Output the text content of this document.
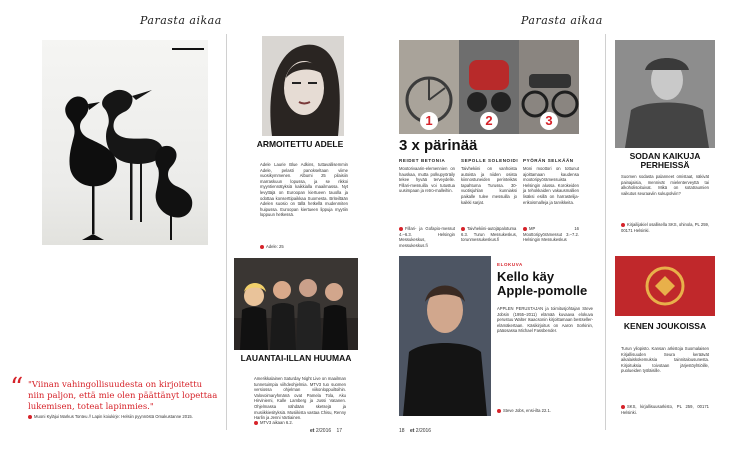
Parasta aikaa
“ "Viinan vahingollisuudesta on kirjoitettu niin paljon, että mie olen päättänyt lopettaa lukemisen, toteat lapinmies."
Muoni Kyläjui Markus Tonteu // Lapin koiukirje: Helsiin pyynnöstä Omakustanne 2015.
ARMOITETTU ADELE
Adele Laurie Blue Adkins, tuttavallisemmin Adele, pelasti panokseltaan viime vuosikymmenen. Albumi 25 pilaisiin marraskuun lopussa, ja se rikkoi myyntiennätyksiä kaikkialla maailmassa. Nyt levyttäjä on Euroopan kiertueen tauolla ja odottaa konserttipaikkaa Suomesta. Briteiltään Adelen suosio on tällä hetkellä mudenmiten huipussa. Euroopan kiertueen lippuja myytiin loppuun hetkessä.
Adele: 25
LAUANTAI-ILLAN HUUMAA
Amerikkalainen Saturday Night Live on maailman tunnetuimpia viihdeohjelmia. MTV3 tuo suomen versiossa ohjelman viikonloppuiltoihin. Valovoimaryhmänä ovat Pamela Tola, Aku Hirviniemi, Kalle Lamberg ja Jussi Vatanen. Ohjelmassa nähdään sketsejä ja musiikkiesityksiä. Musiikista vastaa Chisu, Renny Harlin ja Jenni Vartiainen.
MTV3 aikaan 6.2.
et 2/2016 17
Parasta aikaa
1	2	3
3 x pärinää
REIDET BETONIA
Mootorivaarin-elemennien on hauskaa, mutta polkupyöräily tekee hyvää terveydelle. Fillari-messuilla voi tutustua uusimpaan ja retro-malleihin.
Fillari- ja Gofapio-messut 4.–6.3. Helsingin Messukeskus, messukeskus.fi
SEPOLLE SOLENOIDI
Taivhekiini on vanhoista autoista ja niiden osista kiinnostuneiden perinteikäs tapahtuma Turussa. 30-vuotisjuhlan kunniaksi paikalle tulee messuilla jo kaikki sarjat.
Taivhekiini-autojäpalotuma 6.3. Turun Messukeskus, torunmessukeskus.fi
PYÖRÄN SELKÄÄN
Moni moottori on tottunut ajoittamaan kaudensa mootoripyörämessuista Helsingin alussa. Korokeiden ja tehokkaiden vakausmallien lisäksi esillä on harrastelija-erikoismalleja ja tarvikkeita.
MP 16 Moottoripyörämessut 3.–7.2. Helsingin Messukeskus
ELOKUVA
Kello käy Apple-pomolle
APPLEN PERUSTAJAN ja toimitusjohtajan Steve Jobsin (1955–2011) elämää kuvaava elokuva perustuu Walter Isaacsonin kirjoittamaan bestseller-elämäkertaan. Käsikirjoitus on Aaron Sorkinin, pääosassa Michael Fassbender.
Steve Jobs, ensi-ilta 22.1.
SODAN KAIKUJA PERHEISSÄ
Suomen sodasta palanneet omistaat, näkivät painajaisia, mennivät mielenterveyttä tai alkoholisoituivat. Mikä on sotatraumien vaikutus seuraaviin sukupolviin?
Kirjailijakiel osallisella SKS, ohinola, PL 259, 00171 Helsinki.
KENEN JOUKOISSA
Turun yliopisto. Kansan arkistoja Suomalaisen Kirjallisuuden Seura keräävät aikalaiskokemuksia tainnitalousunesta. Kirjoituksia toivotaan järjestöyhtiöille, puolueiden työläisille.
SKS, kirjallisuusarkisto, PL 259, 00171 Helsinki.
18 et 2/2016
